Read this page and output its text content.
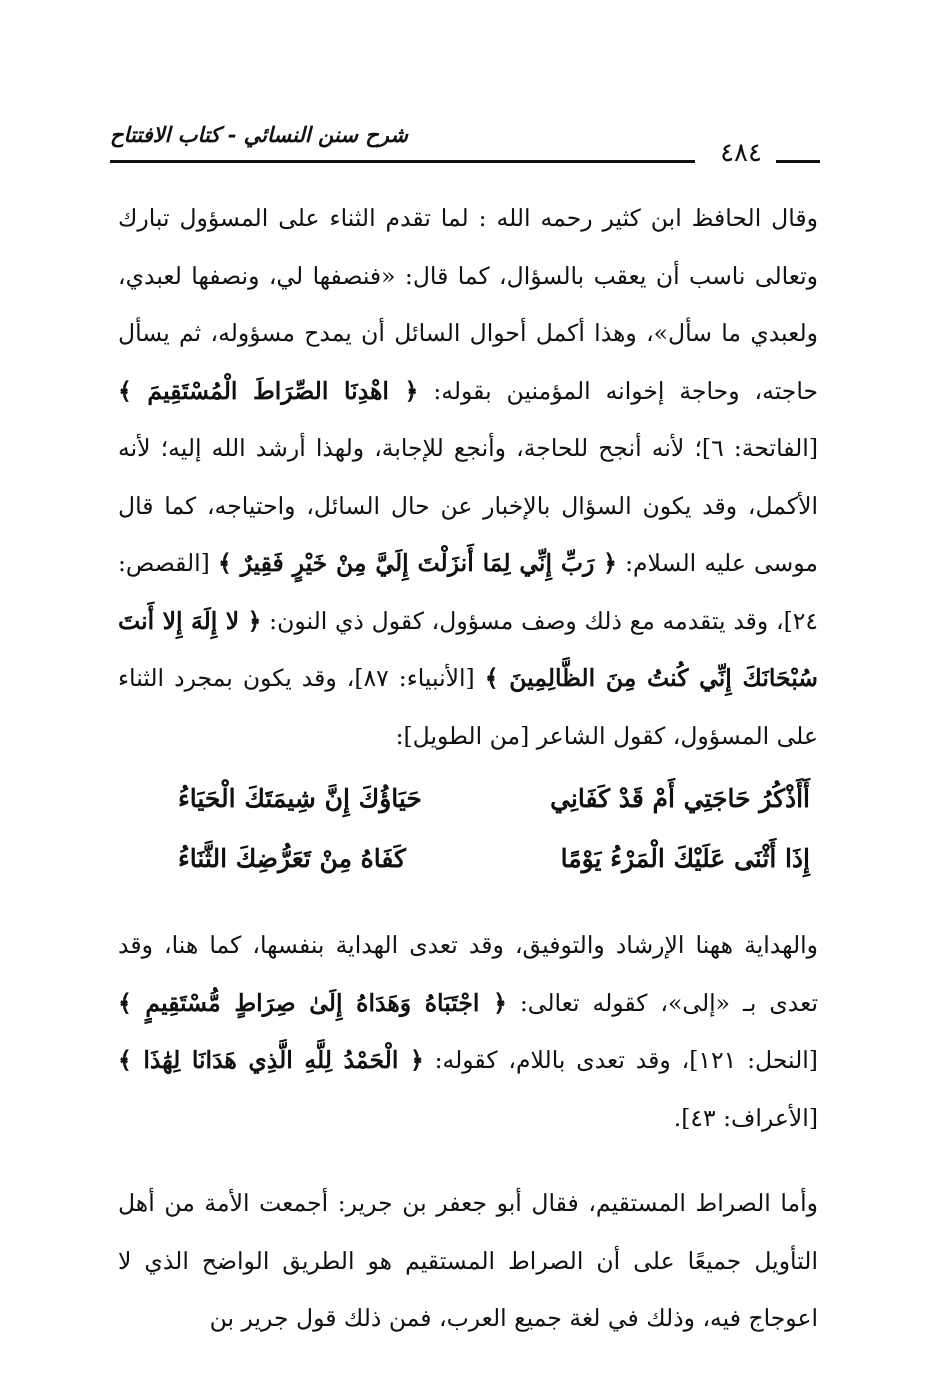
شرح سنن النسائي - كتاب الافتتاح
٤٨٤

وقال الحافظ ابن كثير رحمه الله : لما تقدم الثناء على المسؤول تبارك وتعالى ناسب أن يعقب بالسؤال، كما قال: «فنصفها لي، ونصفها لعبدي، ولعبدي ما سأل»، وهذا أكمل أحوال السائل أن يمدح مسؤوله، ثم يسأل حاجته، وحاجة إخوانه المؤمنين بقوله: ﴿ اهْدِنَا الصِّرَاطَ الْمُسْتَقِيمَ ﴾ [الفاتحة: ٦]؛ لأنه أنجح للحاجة، وأنجع للإجابة، ولهذا أرشد الله إليه؛ لأنه الأكمل، وقد يكون السؤال بالإخبار عن حال السائل، واحتياجه، كما قال موسى عليه السلام: ﴿ رَبِّ إِنِّي لِمَا أَنزَلْتَ إِلَيَّ مِنْ خَيْرٍ فَقِيرٌ ﴾ [القصص: ٢٤]، وقد يتقدمه مع ذلك وصف مسؤول، كقول ذي النون: ﴿ لا إِلَهَ إِلا أَنتَ سُبْحَانَكَ إِنِّي كُنتُ مِنَ الظَّالِمِينَ ﴾ [الأنبياء: ٨٧]، وقد يكون بمجرد الثناء على المسؤول، كقول الشاعر [من الطويل]:

أَأَذْكُرُ حَاجَتِي أَمْ قَدْ كَفَانِي
حَيَاؤُكَ إِنَّ شِيمَتَكَ الْحَيَاءُ
إِذَا أَثْنَى عَلَيْكَ الْمَرْءُ يَوْمًا
كَفَاهُ مِنْ تَعَرُّضِكَ الثَّنَاءُ

والهداية ههنا الإرشاد والتوفيق، وقد تعدى الهداية بنفسها، كما هنا، وقد تعدى بـ «إلى»، كقوله تعالى: ﴿ اجْتَبَاهُ وَهَدَاهُ إِلَىٰ صِرَاطٍ مُّسْتَقِيمٍ ﴾ [النحل: ١٢١]، وقد تعدى باللام، كقوله: ﴿ الْحَمْدُ لِلَّهِ الَّذِي هَدَانَا لِهَٰذَا ﴾ [الأعراف: ٤٣].

وأما الصراط المستقيم، فقال أبو جعفر بن جرير: أجمعت الأمة من أهل التأويل جميعًا على أن الصراط المستقيم هو الطريق الواضح الذي لا اعوجاج فيه، وذلك في لغة جميع العرب، فمن ذلك قول جرير بن
